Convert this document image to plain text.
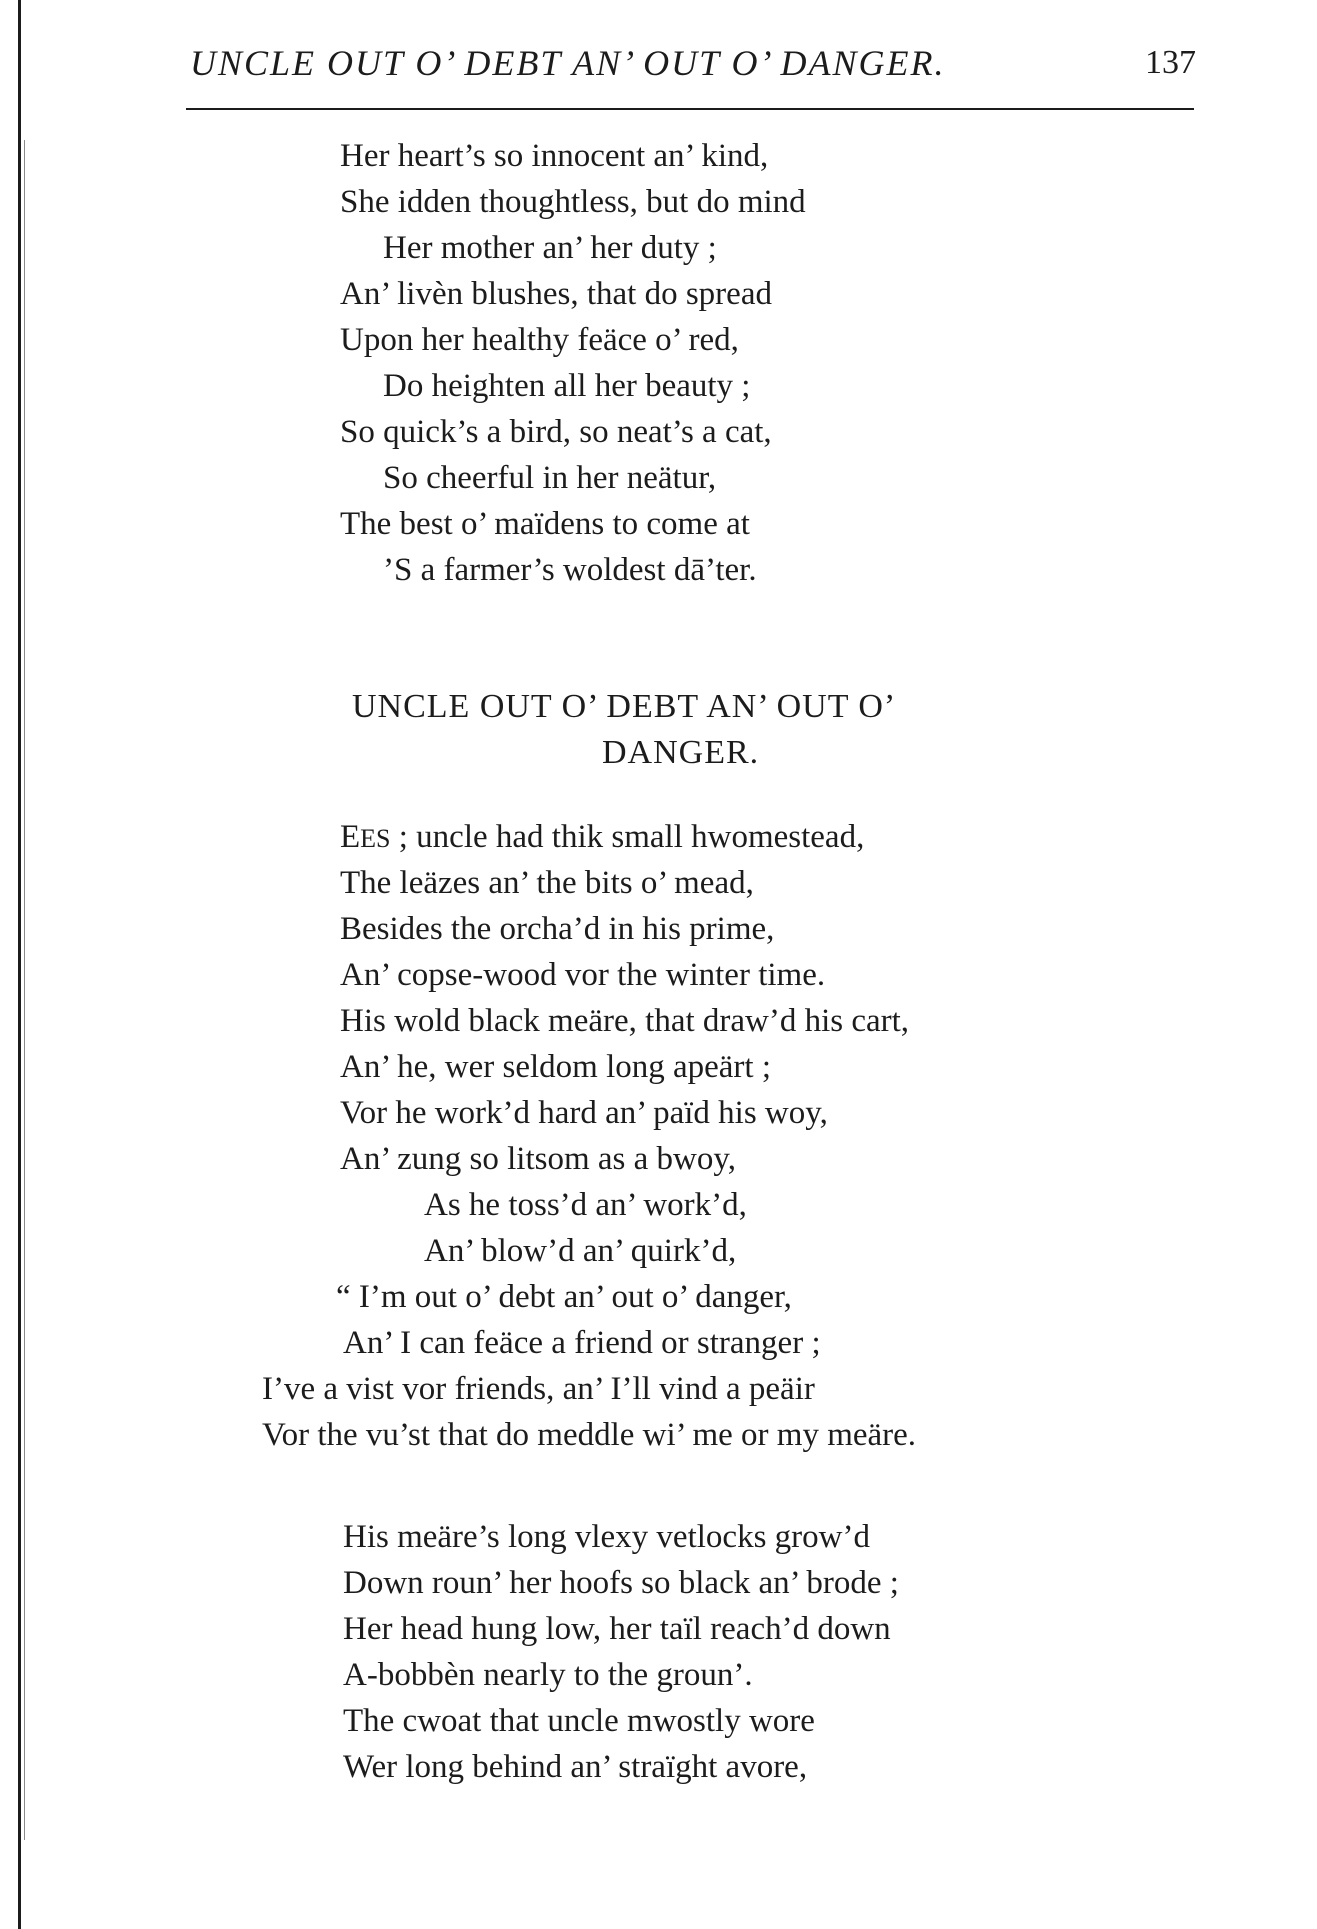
UNCLE OUT O’ DEBT AN’ OUT O’ DANGER.	137
Her heart’s so innocent an’ kind,
She idden thoughtless, but do mind
Her mother an’ her duty ;
An’ livèn blushes, that do spread
Upon her healthy feäce o’ red,
Do heighten all her beauty ;
So quick’s a bird, so neat’s a cat,
So cheerful in her neätur,
The best o’ maïdens to come at
’S a farmer’s woldest dā’ter.
UNCLE OUT O’ DEBT AN’ OUT O’
DANGER.
EES ; uncle had thik small hwomestead,
The leäzes an’ the bits o’ mead,
Besides the orcha’d in his prime,
An’ copse-wood vor the winter time.
His wold black meäre, that draw’d his cart,
An’ he, wer seldom long apeärt ;
Vor he work’d hard an’ païd his woy,
An’ zung so litsom as a bwoy,
As he toss’d an’ work’d,
An’ blow’d an’ quirk’d,
“ I’m out o’ debt an’ out o’ danger,
An’ I can feäce a friend or stranger ;
I’ve a vist vor friends, an’ I’ll vind a peäir
Vor the vu’st that do meddle wi’ me or my meäre.
His meäre’s long vlexy vetlocks grow’d
Down roun’ her hoofs so black an’ brode ;
Her head hung low, her taïl reach’d down
A-bobbèn nearly to the groun’.
The cwoat that uncle mwostly wore
Wer long behind an’ straïght avore,
